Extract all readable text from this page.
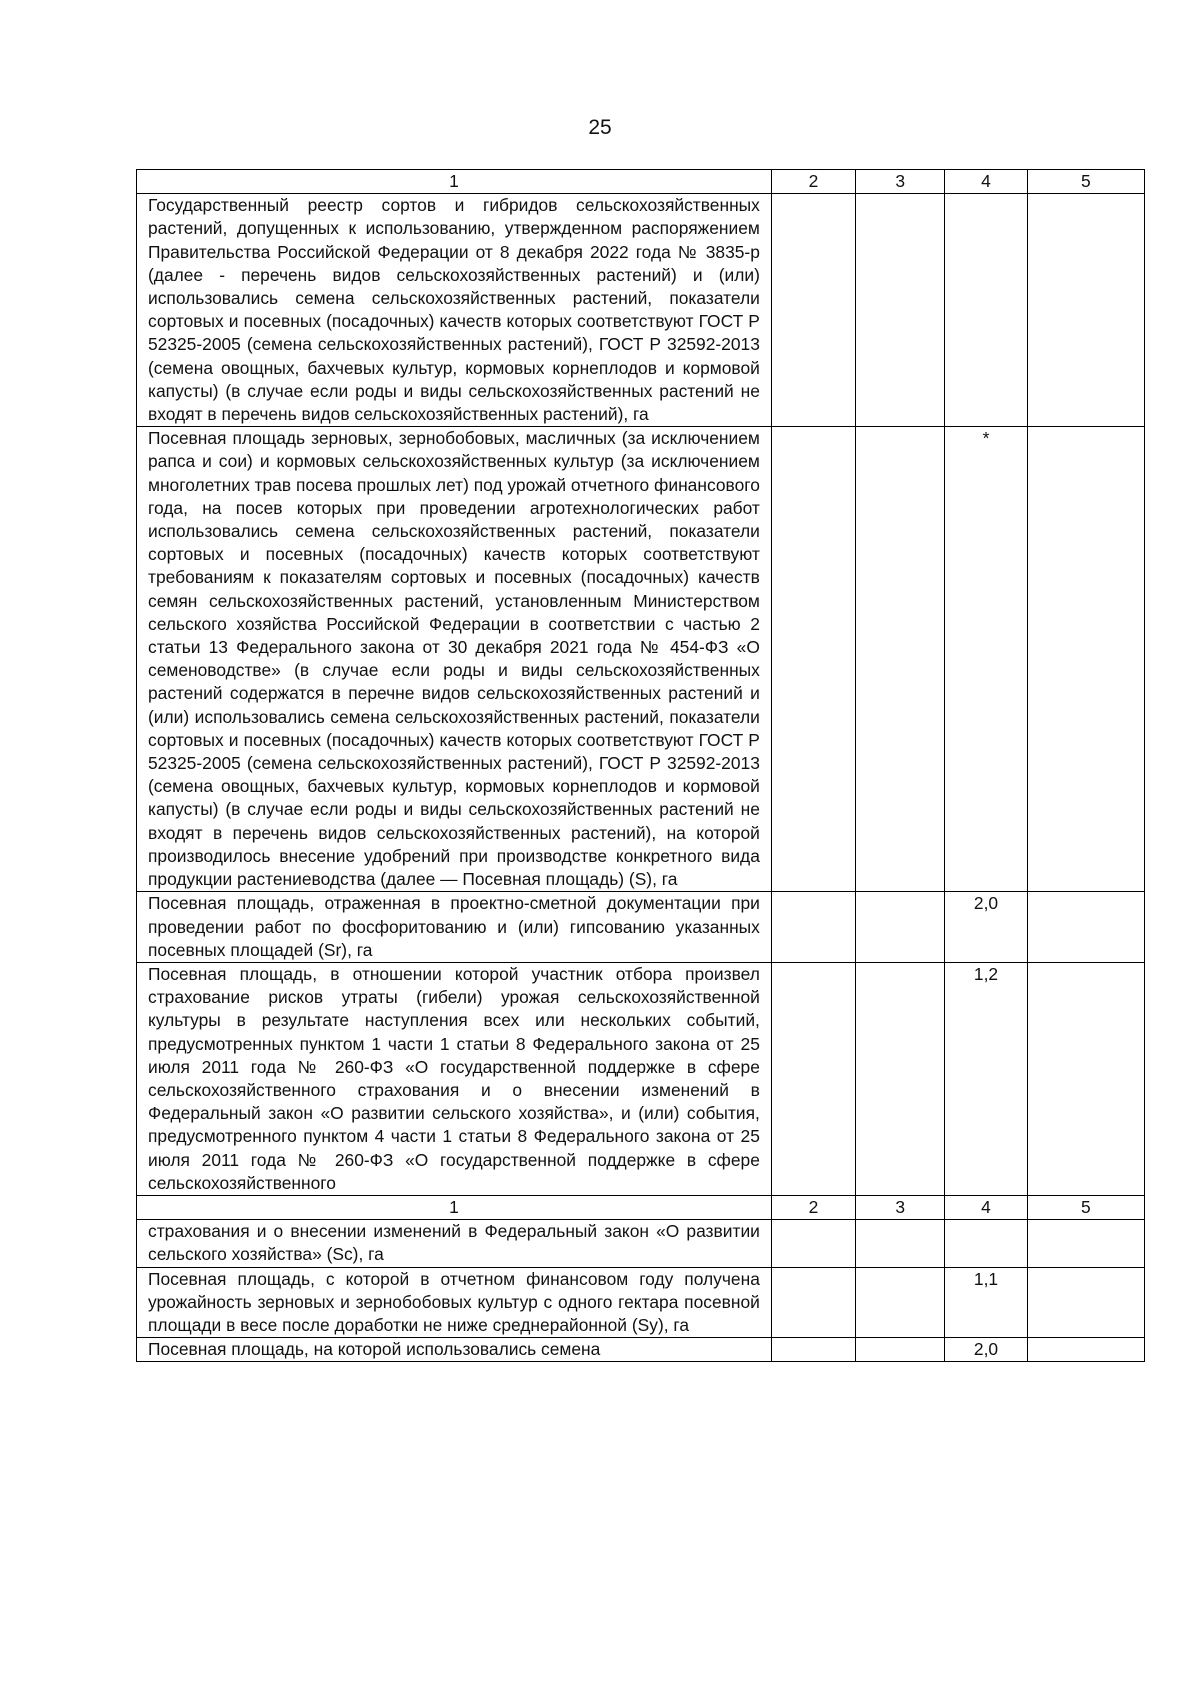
25
1	2	3	4	5
Государственный реестр сортов и гибридов сельскохозяйственных растений, допущенных к использованию, утвержденном распоряжением Правительства Российской Федерации от 8 декабря 2022 года № 3835-р (далее - перечень видов сельскохозяйственных растений) и (или) использовались семена сельскохозяйственных растений, показатели сортовых и посевных (посадочных) качеств которых соответствуют ГОСТ Р 52325-2005 (семена сельскохозяйственных растений), ГОСТ Р 32592-2013 (семена овощных, бахчевых культур, кормовых корнеплодов и кормовой капусты) (в случае если роды и виды сельскохозяйственных растений не входят в перечень видов сельскохозяйственных растений), га				
Посевная площадь зерновых, зернобобовых, масличных (за исключением рапса и сои) и кормовых сельскохозяйственных культур (за исключением многолетних трав посева прошлых лет) под урожай отчетного финансового года, на посев которых при проведении агротехнологических работ использовались семена сельскохозяйственных растений, показатели сортовых и посевных (посадочных) качеств которых соответствуют требованиям к показателям сортовых и посевных (посадочных) качеств семян сельскохозяйственных растений, установленным Министерством сельского хозяйства Российской Федерации в соответствии с частью 2 статьи 13 Федерального закона от 30 декабря 2021 года № 454-ФЗ «О семеноводстве» (в случае если роды и виды сельскохозяйственных растений содержатся в перечне видов сельскохозяйственных растений и (или) использовались семена сельскохозяйственных растений, показатели сортовых и посевных (посадочных) качеств которых соответствуют ГОСТ Р 52325-2005 (семена сельскохозяйственных растений), ГОСТ Р 32592-2013 (семена овощных, бахчевых культур, кормовых корнеплодов и кормовой капусты) (в случае если роды и виды сельскохозяйственных растений не входят в перечень видов сельскохозяйственных растений), на которой производилось внесение удобрений при производстве конкретного вида продукции растениеводства (далее — Посевная площадь) (S), га			*	
Посевная площадь, отраженная в проектно-сметной документации при проведении работ по фосфоритованию и (или) гипсованию указанных посевных площадей (Sr), га			2,0	
Посевная площадь, в отношении которой участник отбора произвел страхование рисков утраты (гибели) урожая сельскохозяйственной культуры в результате наступления всех или нескольких событий, предусмотренных пунктом 1 части 1 статьи 8 Федерального закона от 25 июля 2011 года № 260-ФЗ «О государственной поддержке в сфере сельскохозяйственного страхования и о внесении изменений в Федеральный закон «О развитии сельского хозяйства», и (или) события, предусмотренного пунктом 4 части 1 статьи 8 Федерального закона от 25 июля 2011 года № 260-ФЗ «О государственной поддержке в сфере сельскохозяйственного			1,2	
1	2	3	4	5
страхования и о внесении изменений в Федеральный закон «О развитии сельского хозяйства» (Sc), га				
Посевная площадь, с которой в отчетном финансовом году получена урожайность зерновых и зернобобовых культур с одного гектара посевной площади в весе после доработки не ниже среднерайонной (Sy), га			1,1	
Посевная площадь, на которой использовались семена			2,0	
